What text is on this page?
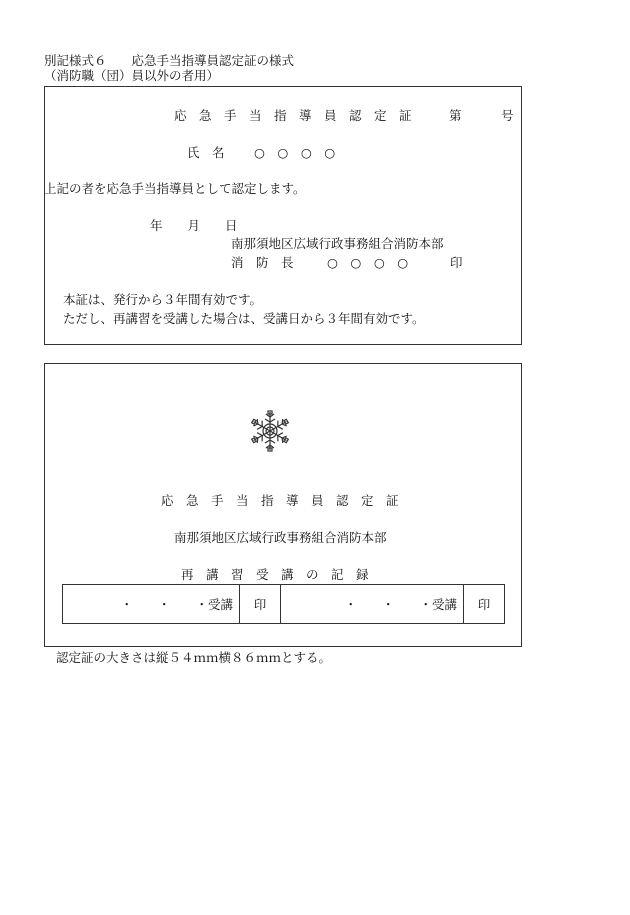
別記様式６　　応急手当指導員認定証の様式
（消防職（団）員以外の者用）
応　急　手　当　指　導　員　認　定　証	第	号
氏　名 ○　○　○　○
上記の者を応急手当指導員として認定します。
年　　月　　日
南那須地区広域行政事務組合消防本部
消　防　長	○　○　○　○	印
本証は、発行から３年間有効です。
ただし、再講習を受講した場合は、受講日から３年間有効です。
応　急　手　当　指　導　員　認　定　証
南那須地区広域行政事務組合消防本部
再　講　習　受　講　の　記　録
・　　・　　・受講	印	・　　・　　・受講	印
認定証の大きさは縦５４ｍｍ横８６ｍｍとする。
